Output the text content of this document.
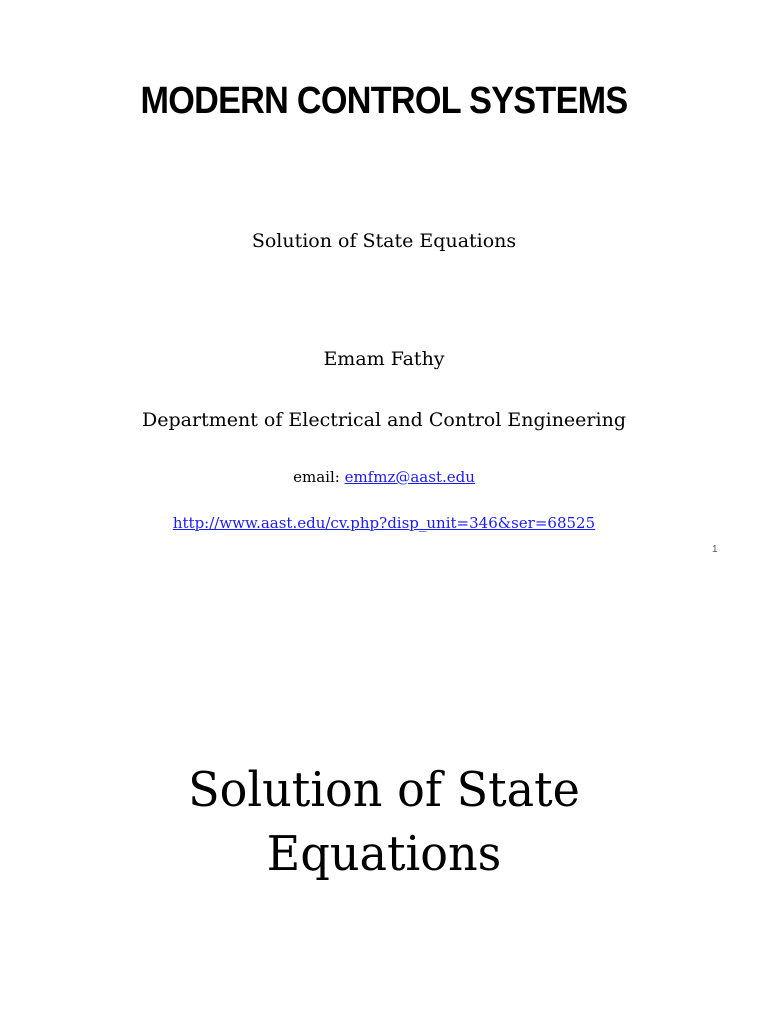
MODERN CONTROL SYSTEMS
Solution of State Equations
Emam Fathy
Department of Electrical and Control Engineering
email: emfmz@aast.edu
http://www.aast.edu/cv.php?disp_unit=346&ser=68525
1
Solution of State
Equations
